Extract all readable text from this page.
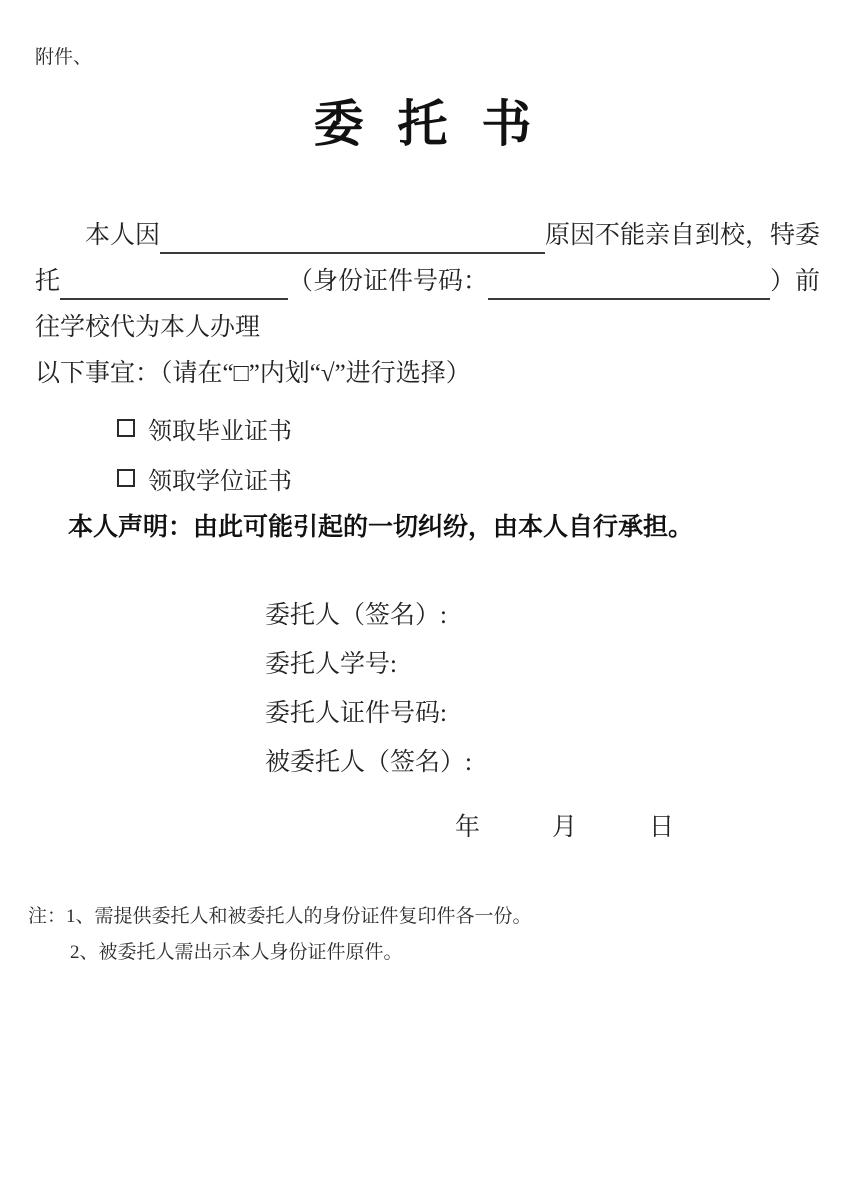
附件、
委 托 书
本人因	原因不能亲自到校，特委
托	（身份证件号码：	）前
往学校代为本人办理
以下事宜：（请在“□”内划“√”进行选择）
领取毕业证书
领取学位证书
本人声明：由此可能引起的一切纠纷，由本人自行承担。
委托人（签名）:
委托人学号:
委托人证件号码:
被委托人（签名）:
年	月	日
注： 1、需提供委托人和被委托人的身份证件复印件各一份。
2、被委托人需出示本人身份证件原件。
